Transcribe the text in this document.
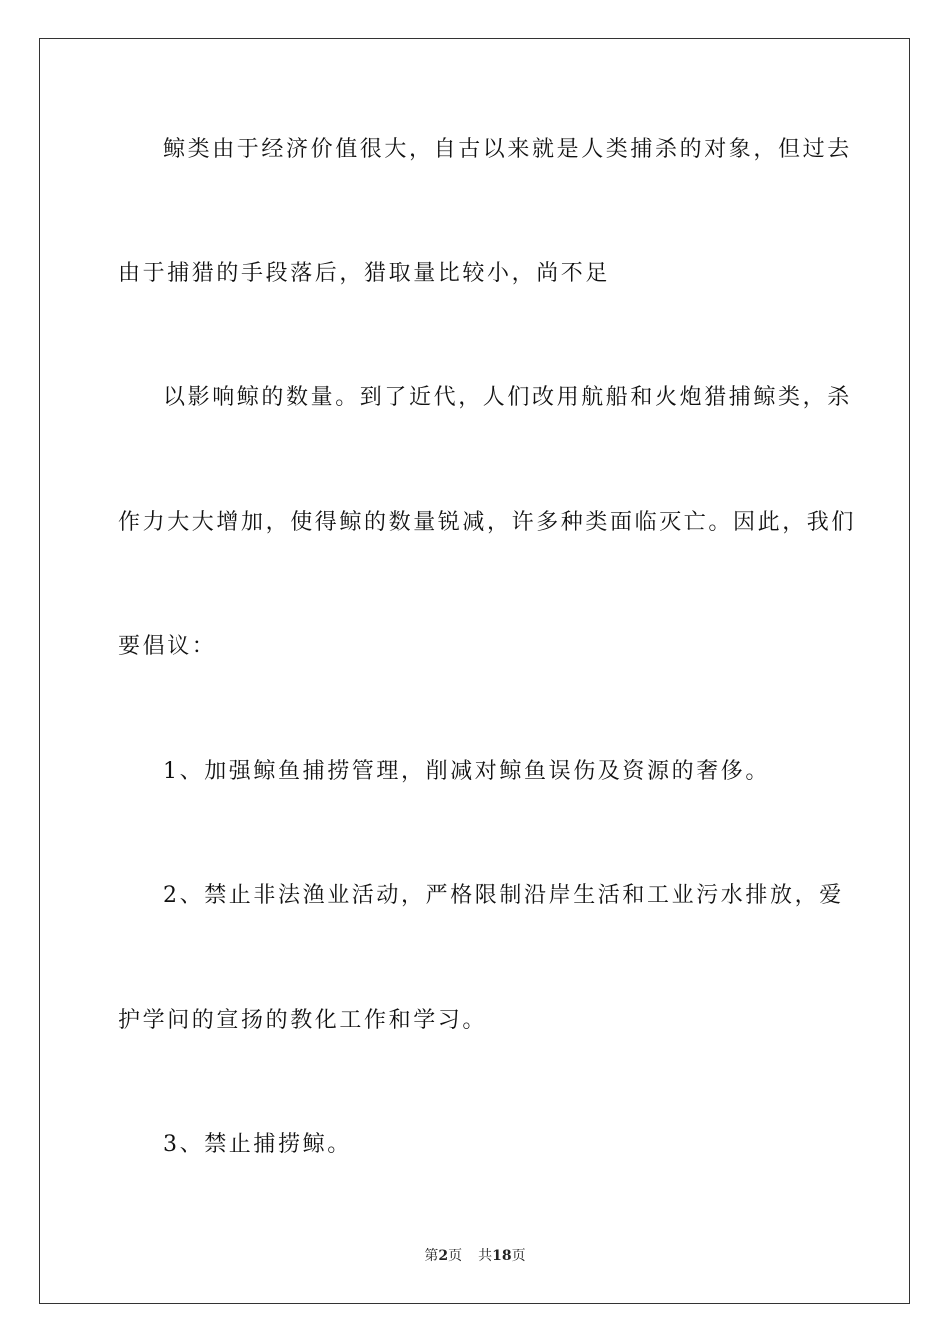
鲸类由于经济价值很大，自古以来就是人类捕杀的对象，但过去
由于捕猎的手段落后，猎取量比较小，尚不足
以影响鲸的数量。到了近代，人们改用航船和火炮猎捕鲸类，杀
作力大大增加，使得鲸的数量锐减，许多种类面临灭亡。因此，我们
要倡议：
1、加强鲸鱼捕捞管理，削减对鲸鱼误伤及资源的奢侈。
2、禁止非法渔业活动，严格限制沿岸生活和工业污水排放，爱
护学问的宣扬的教化工作和学习。
3、禁止捕捞鲸。
第2页 共18页
